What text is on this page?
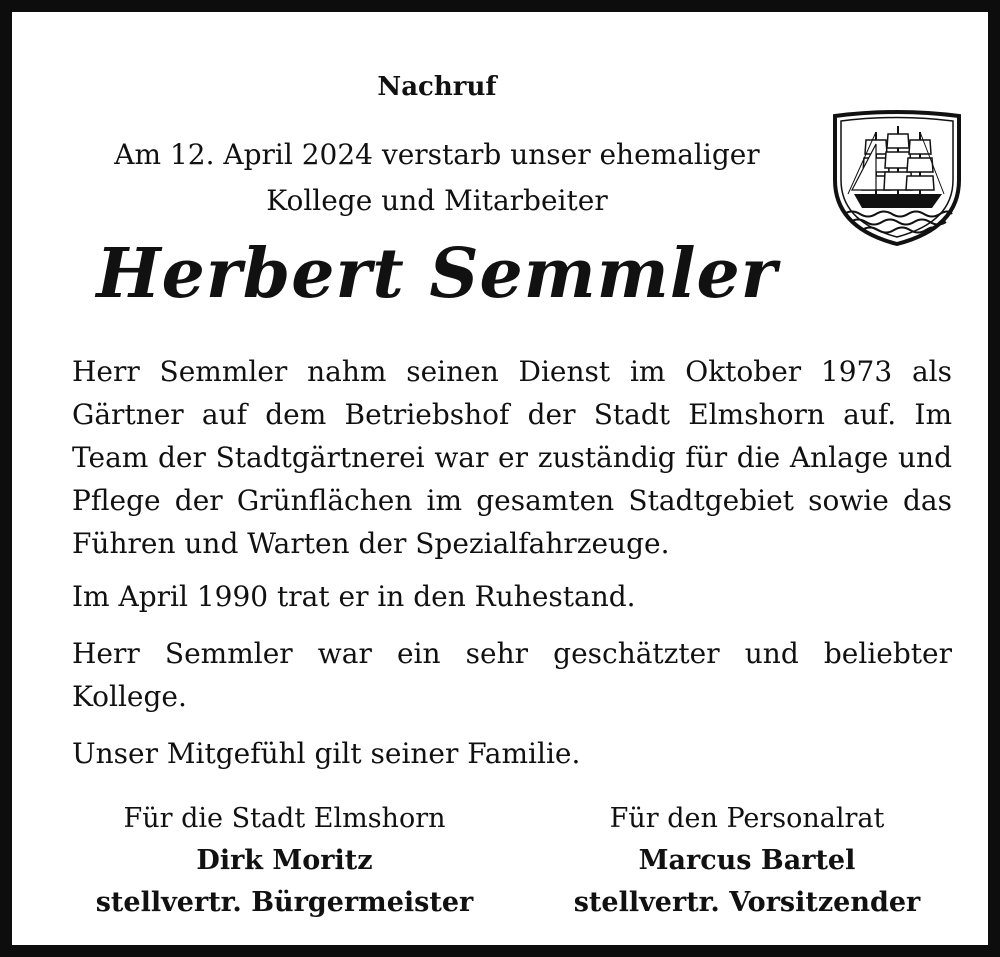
Nachruf
Am 12. April 2024 verstarb unser ehemaliger
Kollege und Mitarbeiter
Herbert Semmler

Herr Semmler nahm seinen Dienst im Oktober 1973 als Gärtner auf dem Betriebshof der Stadt Elmshorn auf. Im Team der Stadtgärtnerei war er zuständig für die Anlage und Pflege der Grünflächen im gesamten Stadtgebiet sowie das Führen und Warten der Spezialfahrzeuge.

Im April 1990 trat er in den Ruhestand.

Herr Semmler war ein sehr geschätzter und beliebter Kollege.

Unser Mitgefühl gilt seiner Familie.

Für die Stadt Elmshorn
Dirk Moritz
stellvertr. Bürgermeister
Für den Personalrat
Marcus Bartel
stellvertr. Vorsitzender
